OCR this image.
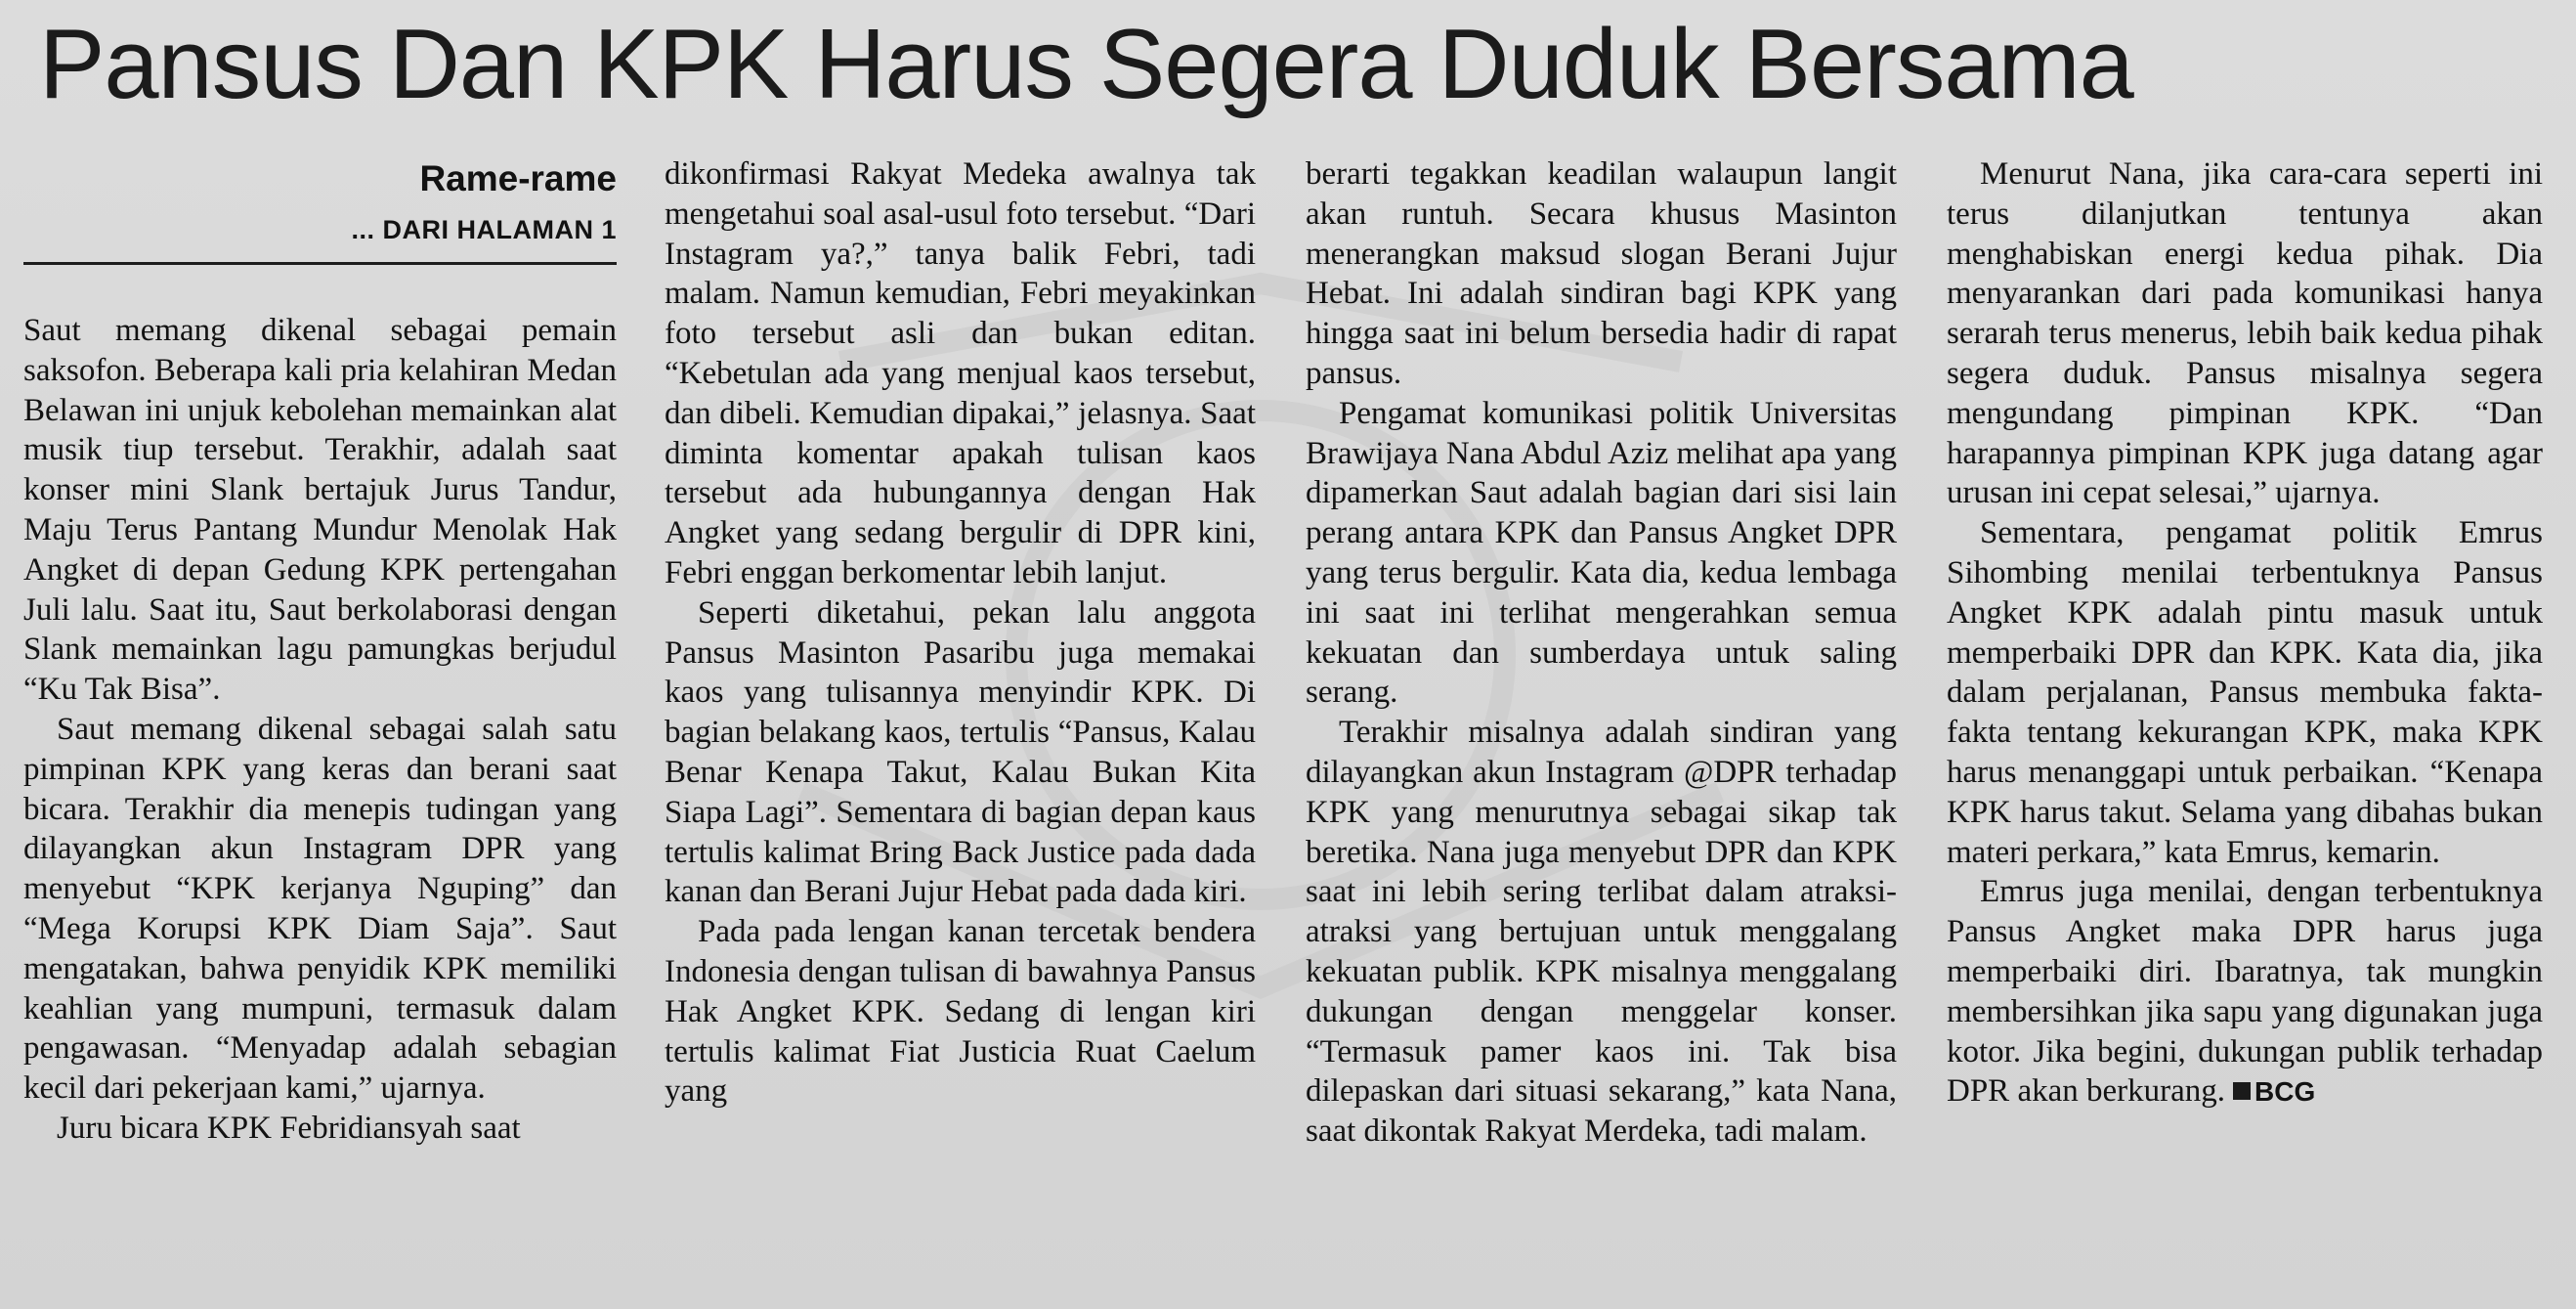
Pansus Dan KPK Harus Segera Duduk Bersama
Rame-rame
... DARI HALAMAN 1

Saut memang dikenal sebagai pemain saksofon. Beberapa kali pria kelahiran Medan Belawan ini unjuk kebolehan memainkan alat musik tiup tersebut. Terakhir, adalah saat konser mini Slank bertajuk Jurus Tandur, Maju Terus Pantang Mundur Menolak Hak Angket di depan Gedung KPK pertengahan Juli lalu. Saat itu, Saut berkolaborasi dengan Slank memainkan lagu pamungkas berjudul “Ku Tak Bisa”.

Saut memang dikenal sebagai salah satu pimpinan KPK yang keras dan berani saat bicara. Terakhir dia menepis tudingan yang dilayangkan akun Instagram DPR yang menyebut “KPK kerjanya Nguping” dan “Mega Korupsi KPK Diam Saja”. Saut mengatakan, bahwa penyidik KPK memiliki keahlian yang mumpuni, termasuk dalam pengawasan. “Menyadap adalah sebagian kecil dari pekerjaan kami,” ujarnya.

Juru bicara KPK Febridiansyah saat

dikonfirmasi Rakyat Medeka awalnya tak mengetahui soal asal-usul foto tersebut. “Dari Instagram ya?,” tanya balik Febri, tadi malam. Namun kemudian, Febri meyakinkan foto tersebut asli dan bukan editan. “Kebetulan ada yang menjual kaos tersebut, dan dibeli. Kemudian dipakai,” jelasnya. Saat diminta komentar apakah tulisan kaos tersebut ada hubungannya dengan Hak Angket yang sedang bergulir di DPR kini, Febri enggan berkomentar lebih lanjut.

Seperti diketahui, pekan lalu anggota Pansus Masinton Pasaribu juga memakai kaos yang tulisannya menyindir KPK. Di bagian belakang kaos, tertulis “Pansus, Kalau Benar Kenapa Takut, Kalau Bukan Kita Siapa Lagi”. Sementara di bagian depan kaus tertulis kalimat Bring Back Justice pada dada kanan dan Berani Jujur Hebat pada dada kiri.

Pada pada lengan kanan tercetak bendera Indonesia dengan tulisan di bawahnya Pansus Hak Angket KPK. Sedang di lengan kiri tertulis kalimat Fiat Justicia Ruat Caelum yang

berarti tegakkan keadilan walaupun langit akan runtuh. Secara khusus Masinton menerangkan maksud slogan Berani Jujur Hebat. Ini adalah sindiran bagi KPK yang hingga saat ini belum bersedia hadir di rapat pansus.

Pengamat komunikasi politik Universitas Brawijaya Nana Abdul Aziz melihat apa yang dipamerkan Saut adalah bagian dari sisi lain perang antara KPK dan Pansus Angket DPR yang terus bergulir. Kata dia, kedua lembaga ini saat ini terlihat mengerahkan semua kekuatan dan sumberdaya untuk saling serang.

Terakhir misalnya adalah sindiran yang dilayangkan akun Instagram @DPR terhadap KPK yang menurutnya sebagai sikap tak beretika. Nana juga menyebut DPR dan KPK saat ini lebih sering terlibat dalam atraksi-atraksi yang bertujuan untuk menggalang kekuatan publik. KPK misalnya menggalang dukungan dengan menggelar konser. “Termasuk pamer kaos ini. Tak bisa dilepaskan dari situasi sekarang,” kata Nana, saat dikontak Rakyat Merdeka, tadi malam.

Menurut Nana, jika cara-cara seperti ini terus dilanjutkan tentunya akan menghabiskan energi kedua pihak. Dia menyarankan dari pada komunikasi hanya serarah terus menerus, lebih baik kedua pihak segera duduk. Pansus misalnya segera mengundang pimpinan KPK. “Dan harapannya pimpinan KPK juga datang agar urusan ini cepat selesai,” ujarnya.

Sementara, pengamat politik Emrus Sihombing menilai terbentuknya Pansus Angket KPK adalah pintu masuk untuk memperbaiki DPR dan KPK. Kata dia, jika dalam perjalanan, Pansus membuka fakta-fakta tentang kekurangan KPK, maka KPK harus menanggapi untuk perbaikan. “Kenapa KPK harus takut. Selama yang dibahas bukan materi perkara,” kata Emrus, kemarin.

Emrus juga menilai, dengan terbentuknya Pansus Angket maka DPR harus juga memperbaiki diri. Ibaratnya, tak mungkin membersihkan jika sapu yang digunakan juga kotor. Jika begini, dukungan publik terhadap DPR akan berkurang. BCG
